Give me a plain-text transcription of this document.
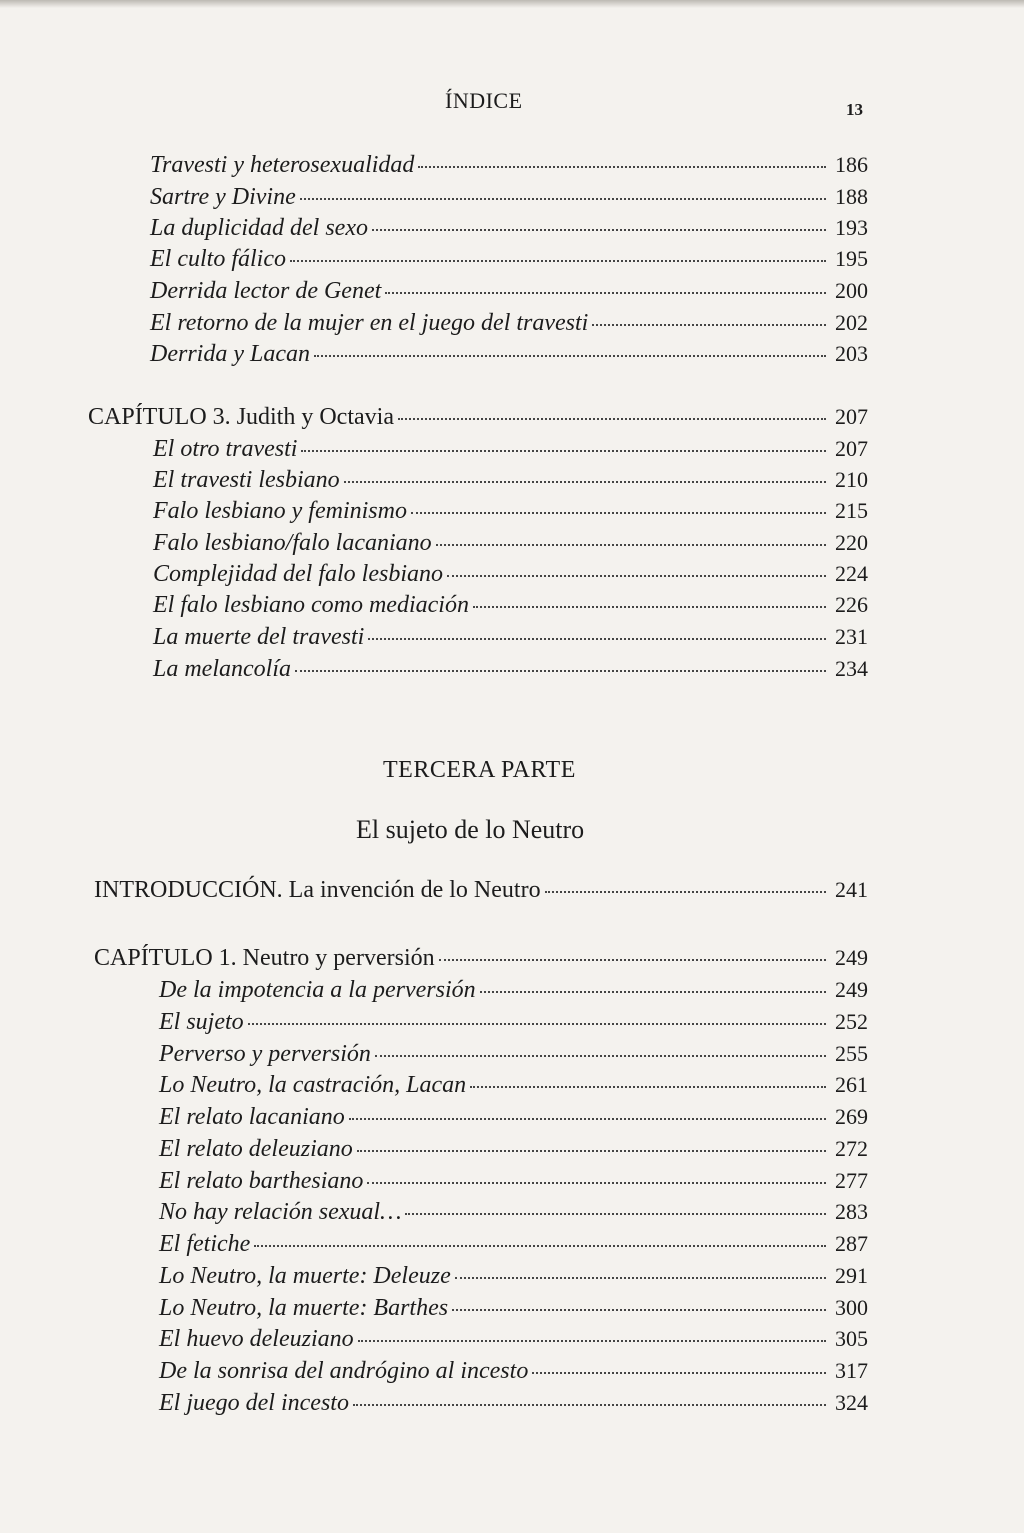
ÍNDICE	13
Travesti y heterosexualidad	186
Sartre y Divine	188
La duplicidad del sexo	193
El culto fálico	195
Derrida lector de Genet	200
El retorno de la mujer en el juego del travesti	202
Derrida y Lacan	203
CAPÍTULO 3. Judith y Octavia	207
El otro travesti	207
El travesti lesbiano	210
Falo lesbiano y feminismo	215
Falo lesbiano/falo lacaniano	220
Complejidad del falo lesbiano	224
El falo lesbiano como mediación	226
La muerte del travesti	231
La melancolía	234
INTRODUCCIÓN. La invención de lo Neutro	241
CAPÍTULO 1. Neutro y perversión	249
De la impotencia a la perversión	249
El sujeto	252
Perverso y perversión	255
Lo Neutro, la castración, Lacan	261
El relato lacaniano	269
El relato deleuziano	272
El relato barthesiano	277
No hay relación sexual…	283
El fetiche	287
Lo Neutro, la muerte: Deleuze	291
Lo Neutro, la muerte: Barthes	300
El huevo deleuziano	305
De la sonrisa del andrógino al incesto	317
El juego del incesto	324
TERCERA PARTE
El sujeto de lo Neutro
